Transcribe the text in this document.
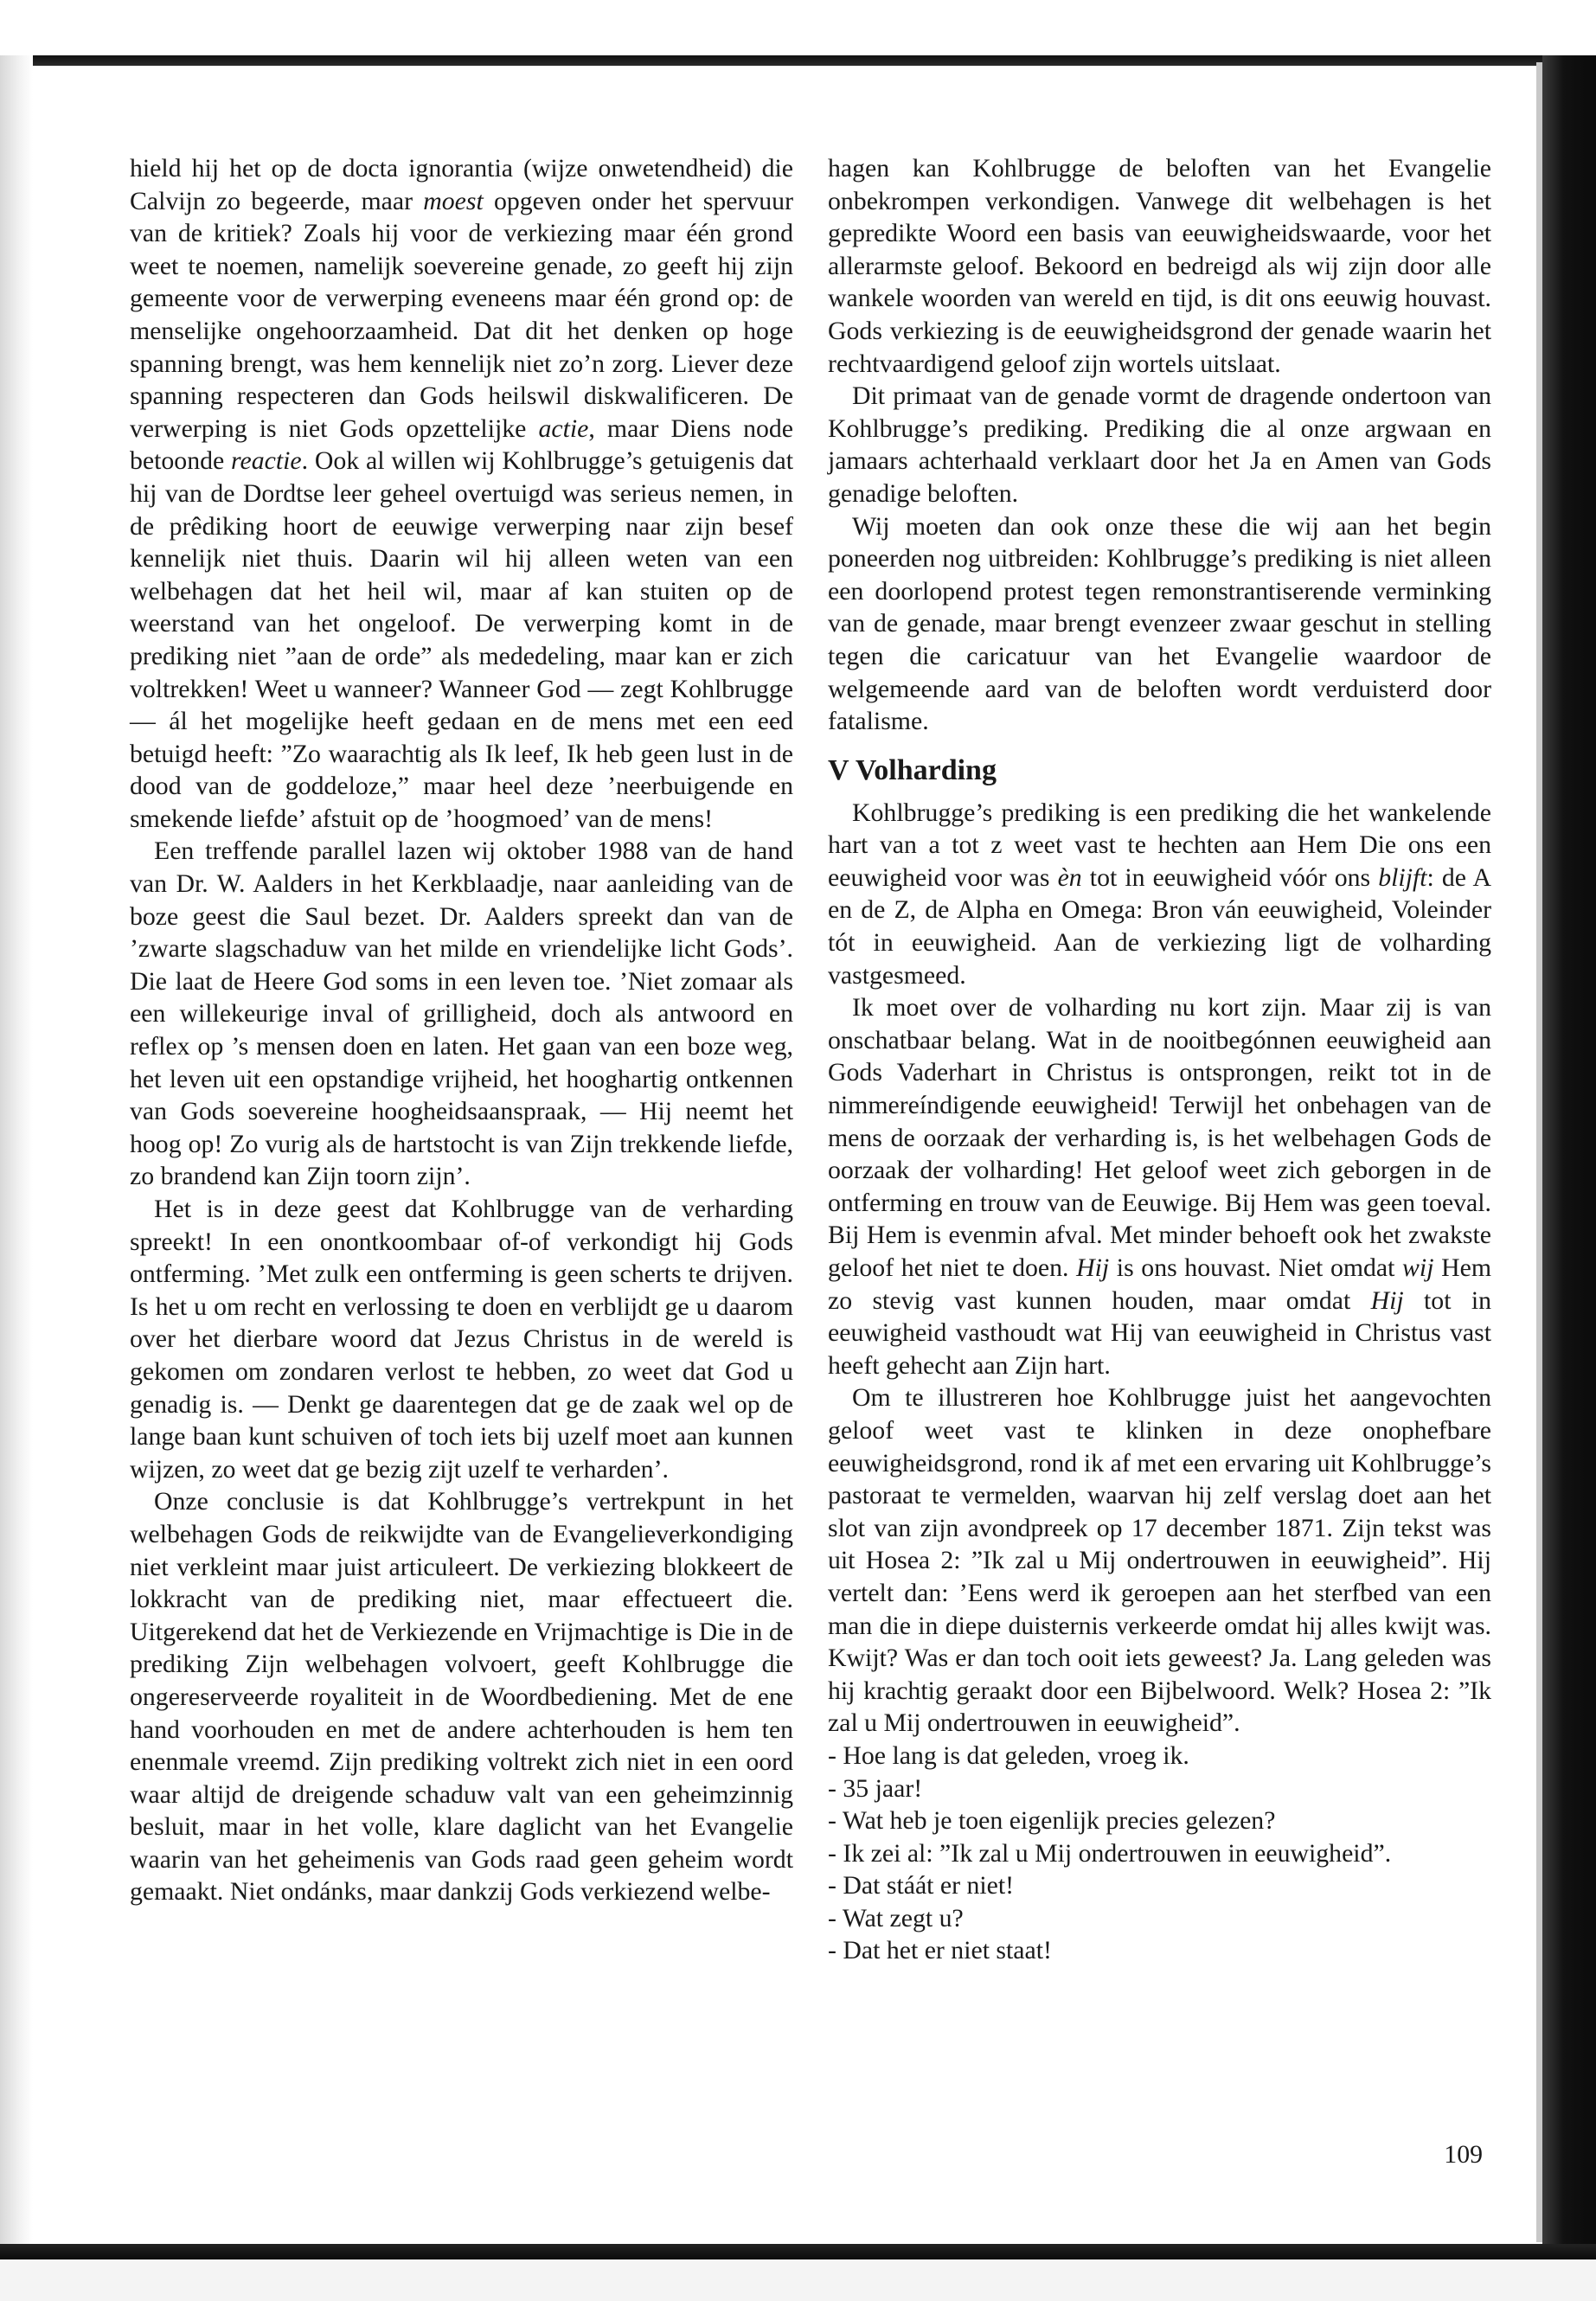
hield hij het op de docta ignorantia (wijze onwetendheid) die Calvijn zo begeerde, maar moest opgeven onder het spervuur van de kritiek? Zoals hij voor de verkiezing maar één grond weet te noemen, namelijk soevereine genade, zo geeft hij zijn gemeente voor de verwerping eveneens maar één grond op: de menselijke ongehoorzaamheid. Dat dit het denken op hoge spanning brengt, was hem kennelijk niet zo’n zorg. Liever deze spanning respecteren dan Gods heilswil diskwalificeren. De verwerping is niet Gods opzettelijke actie, maar Diens node betoonde reactie. Ook al willen wij Kohlbrugge’s getuigenis dat hij van de Dordtse leer geheel overtuigd was serieus nemen, in de prêdiking hoort de eeuwige verwerping naar zijn besef kennelijk niet thuis. Daarin wil hij alleen weten van een welbehagen dat het heil wil, maar af kan stuiten op de weerstand van het ongeloof. De verwerping komt in de prediking niet ”aan de orde” als mededeling, maar kan er zich voltrekken! Weet u wanneer? Wanneer God — zegt Kohlbrugge — ál het mogelijke heeft gedaan en de mens met een eed betuigd heeft: ”Zo waarachtig als Ik leef, Ik heb geen lust in de dood van de goddeloze,” maar heel deze ’neerbuigende en smekende liefde’ afstuit op de ’hoogmoed’ van de mens!

Een treffende parallel lazen wij oktober 1988 van de hand van Dr. W. Aalders in het Kerkblaadje, naar aanleiding van de boze geest die Saul bezet. Dr. Aalders spreekt dan van de ’zwarte slagschaduw van het milde en vriendelijke licht Gods’. Die laat de Heere God soms in een leven toe. ’Niet zomaar als een willekeurige inval of grilligheid, doch als antwoord en reflex op ’s mensen doen en laten. Het gaan van een boze weg, het leven uit een opstandige vrijheid, het hooghartig ontkennen van Gods soevereine hoogheidsaanspraak, — Hij neemt het hoog op! Zo vurig als de hartstocht is van Zijn trekkende liefde, zo brandend kan Zijn toorn zijn’.

Het is in deze geest dat Kohlbrugge van de verharding spreekt! In een onontkoombaar of-of verkondigt hij Gods ontferming. ’Met zulk een ontferming is geen scherts te drijven. Is het u om recht en verlossing te doen en verblijdt ge u daarom over het dierbare woord dat Jezus Christus in de wereld is gekomen om zondaren verlost te hebben, zo weet dat God u genadig is. — Denkt ge daarentegen dat ge de zaak wel op de lange baan kunt schuiven of toch iets bij uzelf moet aan kunnen wijzen, zo weet dat ge bezig zijt uzelf te verharden’.

Onze conclusie is dat Kohlbrugge’s vertrekpunt in het welbehagen Gods de reikwijdte van de Evangelieverkondiging niet verkleint maar juist articuleert. De verkiezing blokkeert de lokkracht van de prediking niet, maar effectueert die. Uitgerekend dat het de Verkiezende en Vrijmachtige is Die in de prediking Zijn welbehagen volvoert, geeft Kohlbrugge die ongereserveerde royaliteit in de Woordbediening. Met de ene hand voorhouden en met de andere achterhouden is hem ten enenmale vreemd. Zijn prediking voltrekt zich niet in een oord waar altijd de dreigende schaduw valt van een geheimzinnig besluit, maar in het volle, klare daglicht van het Evangelie waarin van het geheimenis van Gods raad geen geheim wordt gemaakt. Niet ondánks, maar dankzij Gods verkiezend welbe-

hagen kan Kohlbrugge de beloften van het Evangelie onbekrompen verkondigen. Vanwege dit welbehagen is het gepredikte Woord een basis van eeuwigheidswaarde, voor het allerarmste geloof. Bekoord en bedreigd als wij zijn door alle wankele woorden van wereld en tijd, is dit ons eeuwig houvast. Gods verkiezing is de eeuwigheidsgrond der genade waarin het rechtvaardigend geloof zijn wortels uitslaat.

Dit primaat van de genade vormt de dragende ondertoon van Kohlbrugge’s prediking. Prediking die al onze argwaan en jamaars achterhaald verklaart door het Ja en Amen van Gods genadige beloften.

Wij moeten dan ook onze these die wij aan het begin poneerden nog uitbreiden: Kohlbrugge’s prediking is niet alleen een doorlopend protest tegen remonstrantiserende verminking van de genade, maar brengt evenzeer zwaar geschut in stelling tegen die caricatuur van het Evangelie waardoor de welgemeende aard van de beloften wordt verduisterd door fatalisme.

V Volharding

Kohlbrugge’s prediking is een prediking die het wankelende hart van a tot z weet vast te hechten aan Hem Die ons een eeuwigheid voor was èn tot in eeuwigheid vóór ons blijft: de A en de Z, de Alpha en Omega: Bron ván eeuwigheid, Voleinder tót in eeuwigheid. Aan de verkiezing ligt de volharding vastgesmeed.

Ik moet over de volharding nu kort zijn. Maar zij is van onschatbaar belang. Wat in de nooitbegónnen eeuwigheid aan Gods Vaderhart in Christus is ontsprongen, reikt tot in de nimmereíndigende eeuwigheid! Terwijl het onbehagen van de mens de oorzaak der verharding is, is het welbehagen Gods de oorzaak der volharding! Het geloof weet zich geborgen in de ontferming en trouw van de Eeuwige. Bij Hem was geen toeval. Bij Hem is evenmin afval. Met minder behoeft ook het zwakste geloof het niet te doen. Hij is ons houvast. Niet omdat wij Hem zo stevig vast kunnen houden, maar omdat Hij tot in eeuwigheid vasthoudt wat Hij van eeuwigheid in Christus vast heeft gehecht aan Zijn hart.

Om te illustreren hoe Kohlbrugge juist het aangevochten geloof weet vast te klinken in deze onophefbare eeuwigheidsgrond, rond ik af met een ervaring uit Kohlbrugge’s pastoraat te vermelden, waarvan hij zelf verslag doet aan het slot van zijn avondpreek op 17 december 1871. Zijn tekst was uit Hosea 2: ”Ik zal u Mij ondertrouwen in eeuwigheid”. Hij vertelt dan: ’Eens werd ik geroepen aan het sterfbed van een man die in diepe duisternis verkeerde omdat hij alles kwijt was. Kwijt? Was er dan toch ooit iets geweest? Ja. Lang geleden was hij krachtig geraakt door een Bijbelwoord. Welk? Hosea 2: ”Ik zal u Mij ondertrouwen in eeuwigheid”.

- Hoe lang is dat geleden, vroeg ik.

- 35 jaar!

- Wat heb je toen eigenlijk precies gelezen?

- Ik zei al: ”Ik zal u Mij ondertrouwen in eeuwigheid”.

- Dat stáát er niet!

- Wat zegt u?

- Dat het er niet staat!

109
